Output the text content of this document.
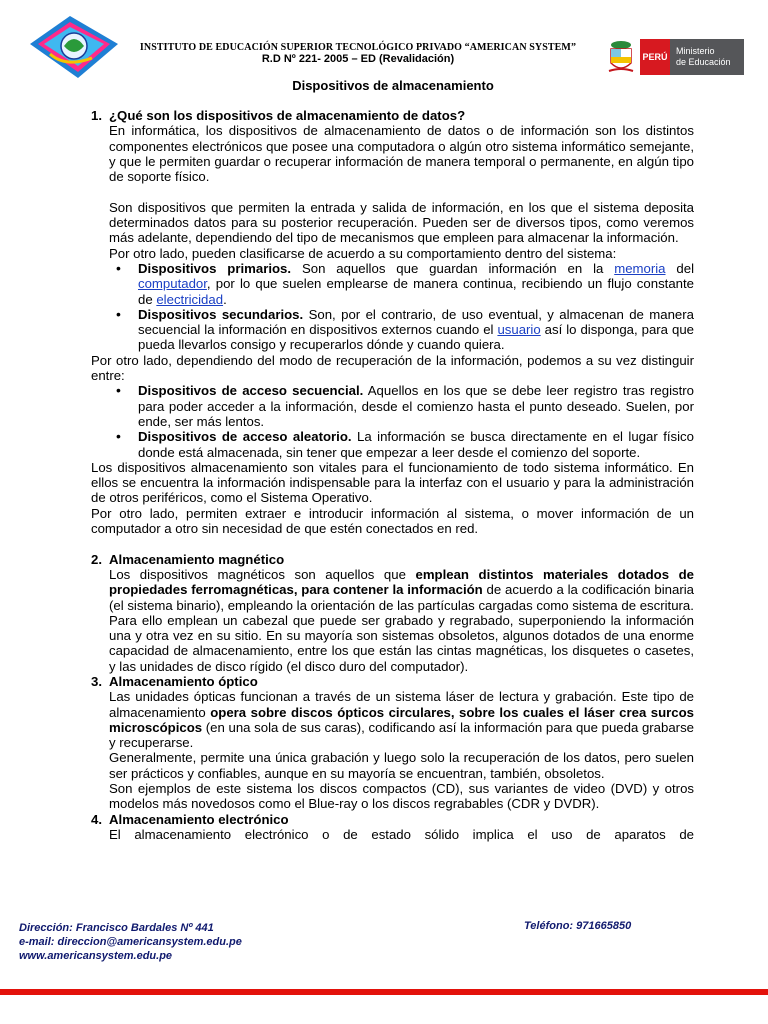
INSTITUTO DE EDUCACIÓN SUPERIOR TECNOLÓGICO PRIVADO “AMERICAN SYSTEM”
R.D Nº 221- 2005 – ED (Revalidación)	PERÚ
Ministerio
de Educación
Dispositivos de almacenamiento
1. ¿Qué son los dispositivos de almacenamiento de datos?

En informática, los dispositivos de almacenamiento de datos o de información son los distintos componentes electrónicos que posee una computadora o algún otro sistema informático semejante, y que le permiten guardar o recuperar información de manera temporal o permanente, en algún tipo de soporte físico.

Son dispositivos que permiten la entrada y salida de información, en los que el sistema deposita determinados datos para su posterior recuperación. Pueden ser de diversos tipos, como veremos más adelante, dependiendo del tipo de mecanismos que empleen para almacenar la información.

Por otro lado, pueden clasificarse de acuerdo a su comportamiento dentro del sistema:

• Dispositivos primarios. Son aquellos que guardan información en la memoria del computador, por lo que suelen emplearse de manera continua, recibiendo un flujo constante de electricidad.
• Dispositivos secundarios. Son, por el contrario, de uso eventual, y almacenan de manera secuencial la información en dispositivos externos cuando el usuario así lo disponga, para que pueda llevarlos consigo y recuperarlos dónde y cuando quiera.

Por otro lado, dependiendo del modo de recuperación de la información, podemos a su vez distinguir entre:

• Dispositivos de acceso secuencial. Aquellos en los que se debe leer registro tras registro para poder acceder a la información, desde el comienzo hasta el punto deseado. Suelen, por ende, ser más lentos.
• Dispositivos de acceso aleatorio. La información se busca directamente en el lugar físico donde está almacenada, sin tener que empezar a leer desde el comienzo del soporte.

Los dispositivos almacenamiento son vitales para el funcionamiento de todo sistema informático. En ellos se encuentra la información indispensable para la interfaz con el usuario y para la administración de otros periféricos, como el Sistema Operativo.

Por otro lado, permiten extraer e introducir información al sistema, o mover información de un computador a otro sin necesidad de que estén conectados en red.

2. Almacenamiento magnético

Los dispositivos magnéticos son aquellos que emplean distintos materiales dotados de propiedades ferromagnéticas, para contener la información de acuerdo a la codificación binaria (el sistema binario), empleando la orientación de las partículas cargadas como sistema de escritura.

Para ello emplean un cabezal que puede ser grabado y regrabado, superponiendo la información una y otra vez en su sitio. En su mayoría son sistemas obsoletos, algunos dotados de una enorme capacidad de almacenamiento, entre los que están las cintas magnéticas, los disquetes o casetes, y las unidades de disco rígido (el disco duro del computador).

3. Almacenamiento óptico

Las unidades ópticas funcionan a través de un sistema láser de lectura y grabación. Este tipo de almacenamiento opera sobre discos ópticos circulares, sobre los cuales el láser crea surcos microscópicos (en una sola de sus caras), codificando así la información para que pueda grabarse y recuperarse.

Generalmente, permite una única grabación y luego solo la recuperación de los datos, pero suelen ser prácticos y confiables, aunque en su mayoría se encuentran, también, obsoletos.

Son ejemplos de este sistema los discos compactos (CD), sus variantes de video (DVD) y otros modelos más novedosos como el Blue-ray o los discos regrabables (CDR y DVDR).

4. Almacenamiento electrónico

El almacenamiento electrónico o de estado sólido implica el uso de aparatos de

Dirección: Francisco Bardales Nº 441
e-mail: direccion@americansystem.edu.pe
www.americansystem.edu.pe
Teléfono: 971665850
